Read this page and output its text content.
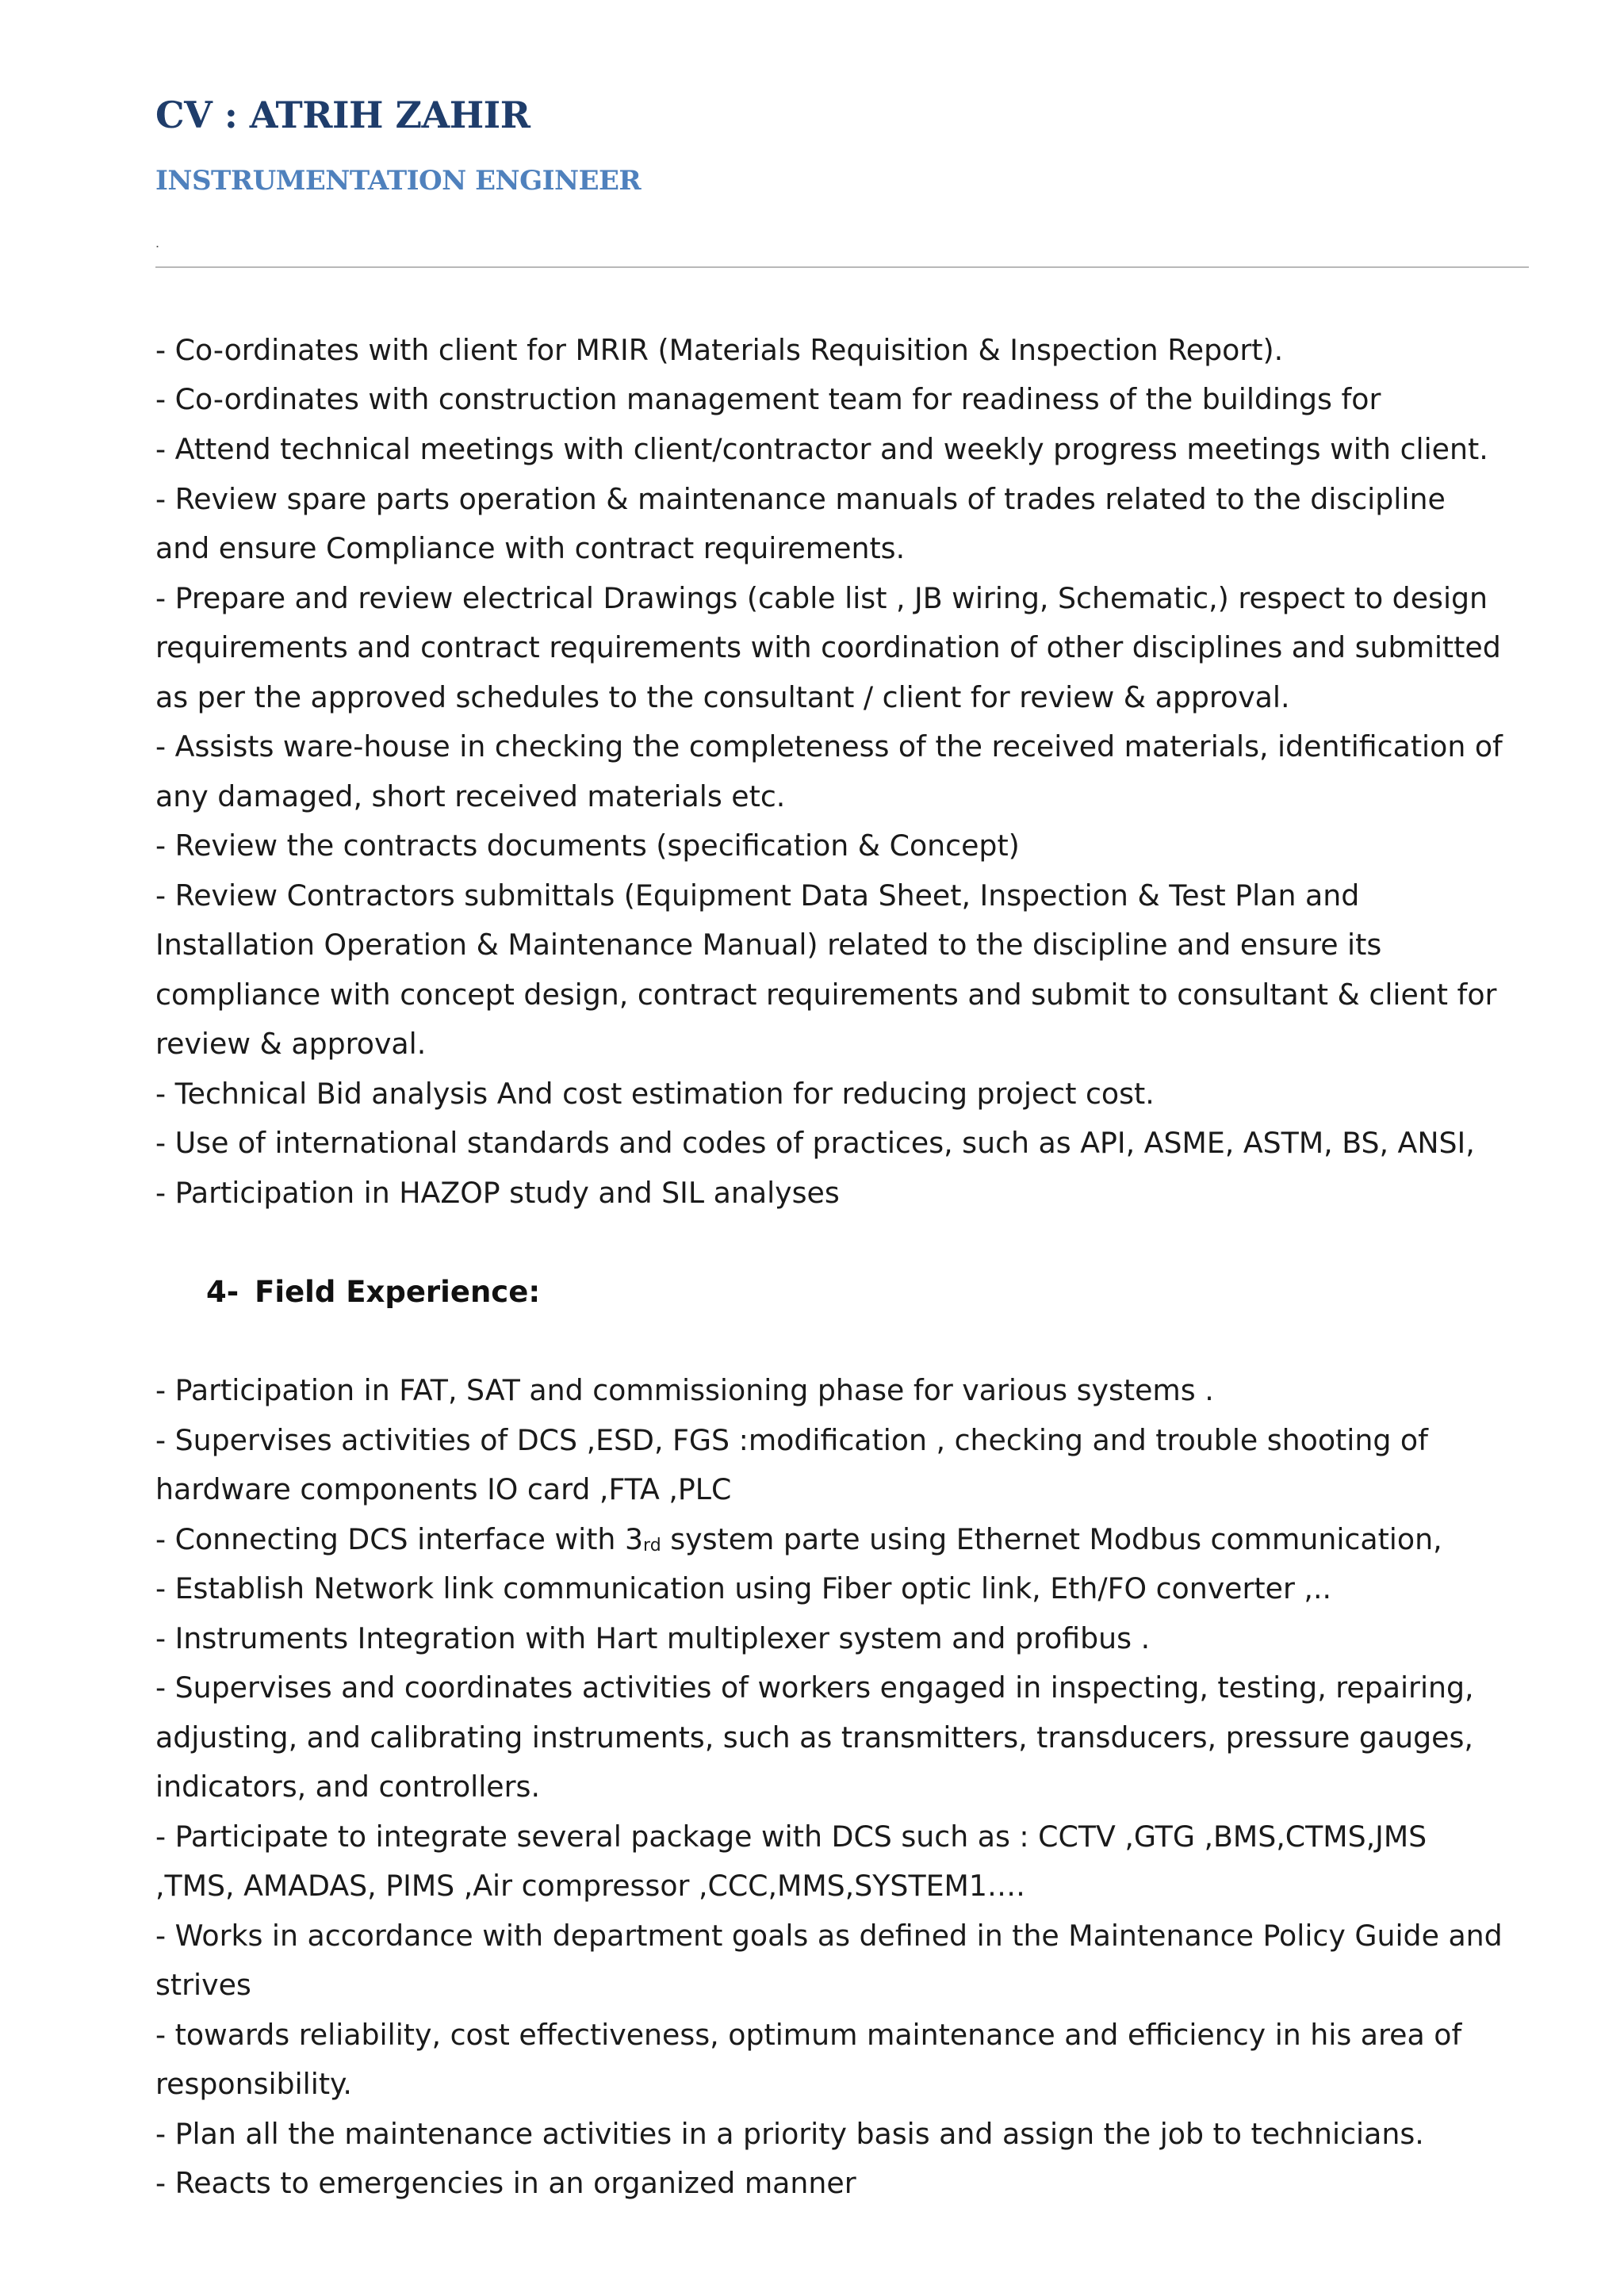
CV : ATRIH ZAHIR
INSTRUMENTATION ENGINEER
.
- Co-ordinates with client for MRIR (Materials Requisition & Inspection Report).
- Co-ordinates with construction management team for readiness of the buildings for
- Attend technical meetings with client/contractor and weekly progress meetings with client.
- Review spare parts operation & maintenance manuals of trades related to the discipline
and ensure Compliance with contract requirements.
- Prepare and review electrical Drawings (cable list , JB wiring, Schematic,) respect to design
requirements and contract requirements with coordination of other disciplines and submitted
as per the approved schedules to the consultant / client for review & approval.
- Assists ware-house in checking the completeness of the received materials, identification of
any damaged, short received materials etc.
- Review the contracts documents (specification & Concept)
- Review Contractors submittals (Equipment Data Sheet, Inspection & Test Plan and
Installation Operation & Maintenance Manual) related to the discipline and ensure its
compliance with concept design, contract requirements and submit to consultant & client for
review & approval.
- Technical Bid analysis And cost estimation for reducing project cost.
- Use of international standards and codes of practices, such as API, ASME, ASTM, BS, ANSI,
- Participation in HAZOP study and SIL analyses
4- Field Experience:
- Participation in FAT, SAT and commissioning phase for various systems .
- Supervises activities of DCS ,ESD, FGS :modification , checking and trouble shooting of
hardware components IO card ,FTA ,PLC
- Connecting DCS interface with $3_{rd}$ system parte using Ethernet Modbus communication,
- Establish Network link communication using Fiber optic link, Eth/FO converter ,..
- Instruments Integration with Hart multiplexer system and profibus .
- Supervises and coordinates activities of workers engaged in inspecting, testing, repairing,
adjusting, and calibrating instruments, such as transmitters, transducers, pressure gauges,
indicators, and controllers.
- Participate to integrate several package with DCS such as : CCTV ,GTG ,BMS,CTMS,JMS
,TMS, AMADAS, PIMS ,Air compressor ,CCC,MMS,SYSTEM1….
- Works in accordance with department goals as defined in the Maintenance Policy Guide and
strives
- towards reliability, cost effectiveness, optimum maintenance and efficiency in his area of
responsibility.
- Plan all the maintenance activities in a priority basis and assign the job to technicians.
- Reacts to emergencies in an organized manner
